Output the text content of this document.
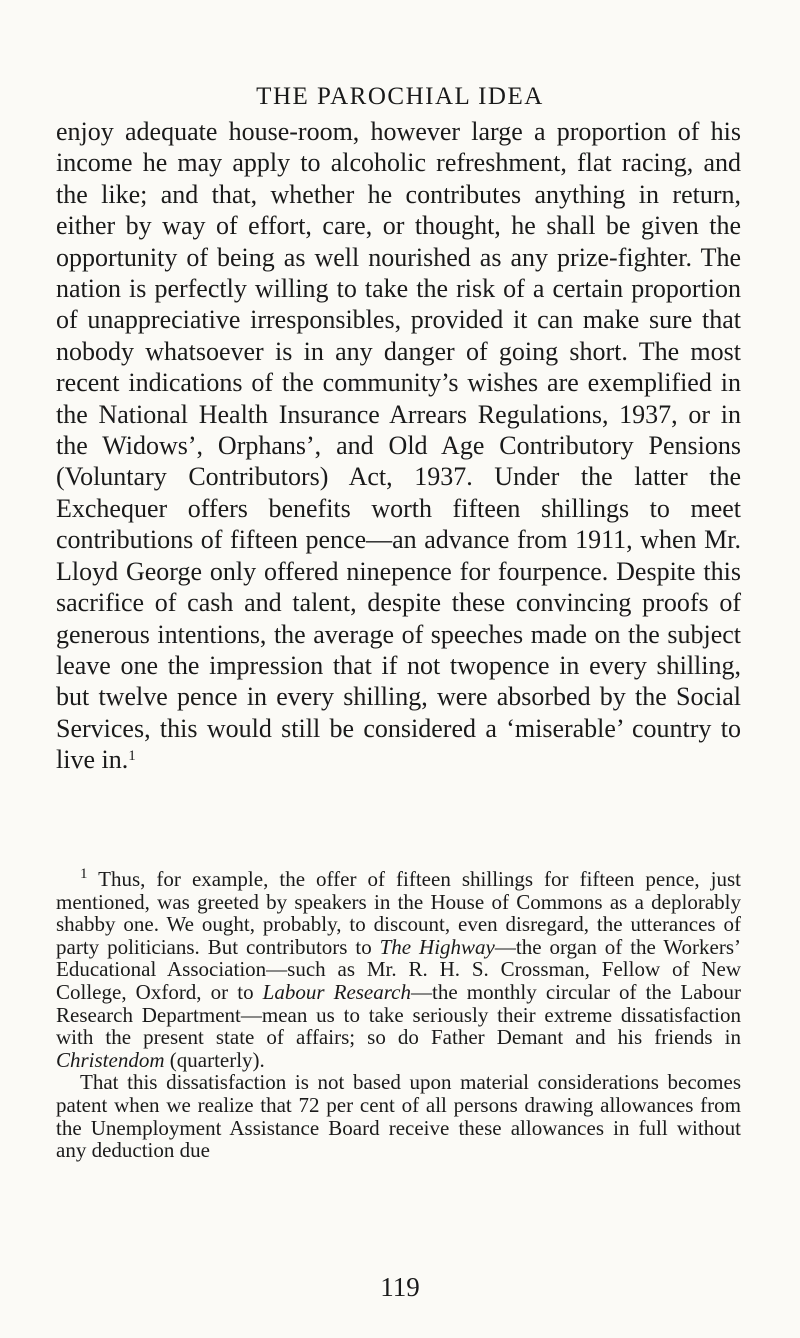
THE PAROCHIAL IDEA

enjoy adequate house-room, however large a proportion of his income he may apply to alcoholic refreshment, flat racing, and the like; and that, whether he contributes anything in return, either by way of effort, care, or thought, he shall be given the opportunity of being as well nourished as any prize-fighter. The nation is perfectly willing to take the risk of a certain proportion of unappreciative irresponsibles, provided it can make sure that nobody whatsoever is in any danger of going short. The most recent indications of the community’s wishes are exemplified in the National Health Insurance Arrears Regulations, 1937, or in the Widows’, Orphans’, and Old Age Contributory Pensions (Voluntary Contributors) Act, 1937. Under the latter the Exchequer offers benefits worth fifteen shillings to meet contributions of fifteen pence—an advance from 1911, when Mr. Lloyd George only offered ninepence for fourpence. Despite this sacrifice of cash and talent, despite these convincing proofs of generous intentions, the average of speeches made on the subject leave one the impression that if not twopence in every shilling, but twelve pence in every shilling, were absorbed by the Social Services, this would still be considered a ‘miserable’ country to live in.$^1$

$^1$ Thus, for example, the offer of fifteen shillings for fifteen pence, just mentioned, was greeted by speakers in the House of Commons as a deplorably shabby one. We ought, probably, to discount, even disregard, the utterances of party politicians. But contributors to The Highway—the organ of the Workers’ Educational Association—such as Mr. R. H. S. Crossman, Fellow of New College, Oxford, or to Labour Research—the monthly circular of the Labour Research Department—mean us to take seriously their extreme dissatisfaction with the present state of affairs; so do Father Demant and his friends in Christendom (quarterly).

That this dissatisfaction is not based upon material considerations becomes patent when we realize that 72 per cent of all persons drawing allowances from the Unemployment Assistance Board receive these allowances in full without any deduction due

119
